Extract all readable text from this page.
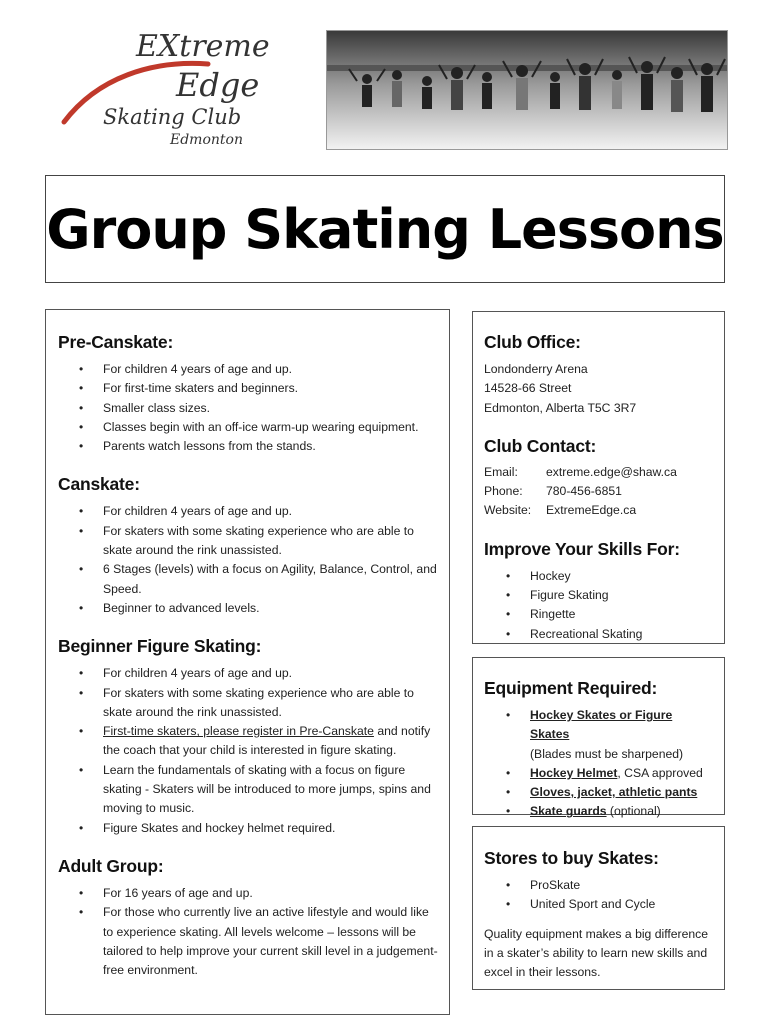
EXtreme
Edge
Skating Club
Edmonton
Group Skating Lessons
Pre-Canskate:
• For children 4 years of age and up.
• For first-time skaters and beginners.
• Smaller class sizes.
• Classes begin with an off-ice warm-up wearing equipment.
• Parents watch lessons from the stands.
Canskate:
• For children 4 years of age and up.
• For skaters with some skating experience who are able to skate around the rink unassisted.
• 6 Stages (levels) with a focus on Agility, Balance, Control, and Speed.
• Beginner to advanced levels.
Beginner Figure Skating:
• For children 4 years of age and up.
• For skaters with some skating experience who are able to skate around the rink unassisted.
• First-time skaters, please register in Pre-Canskate and notify the coach that your child is interested in figure skating.
• Learn the fundamentals of skating with a focus on figure skating - Skaters will be introduced to more jumps, spins and moving to music.
• Figure Skates and hockey helmet required.
Adult Group:
• For 16 years of age and up.
• For those who currently live an active lifestyle and would like to experience skating. All levels welcome – lessons will be tailored to help improve your current skill level in a judgement-free environment.
Club Office:
Londonderry Arena
14528-66 Street
Edmonton, Alberta T5C 3R7
Club Contact:
Email:	extreme.edge@shaw.ca
Phone:	780-456-6851
Website:	ExtremeEdge.ca
Improve Your Skills For:
• Hockey
• Figure Skating
• Ringette
• Recreational Skating
Equipment Required:
• Hockey Skates or Figure Skates
(Blades must be sharpened)
• Hockey Helmet, CSA approved
• Gloves, jacket, athletic pants
• Skate guards (optional)
Stores to buy Skates:
• ProSkate
• United Sport and Cycle

Quality equipment makes a big difference in a skater’s ability to learn new skills and excel in their lessons.
